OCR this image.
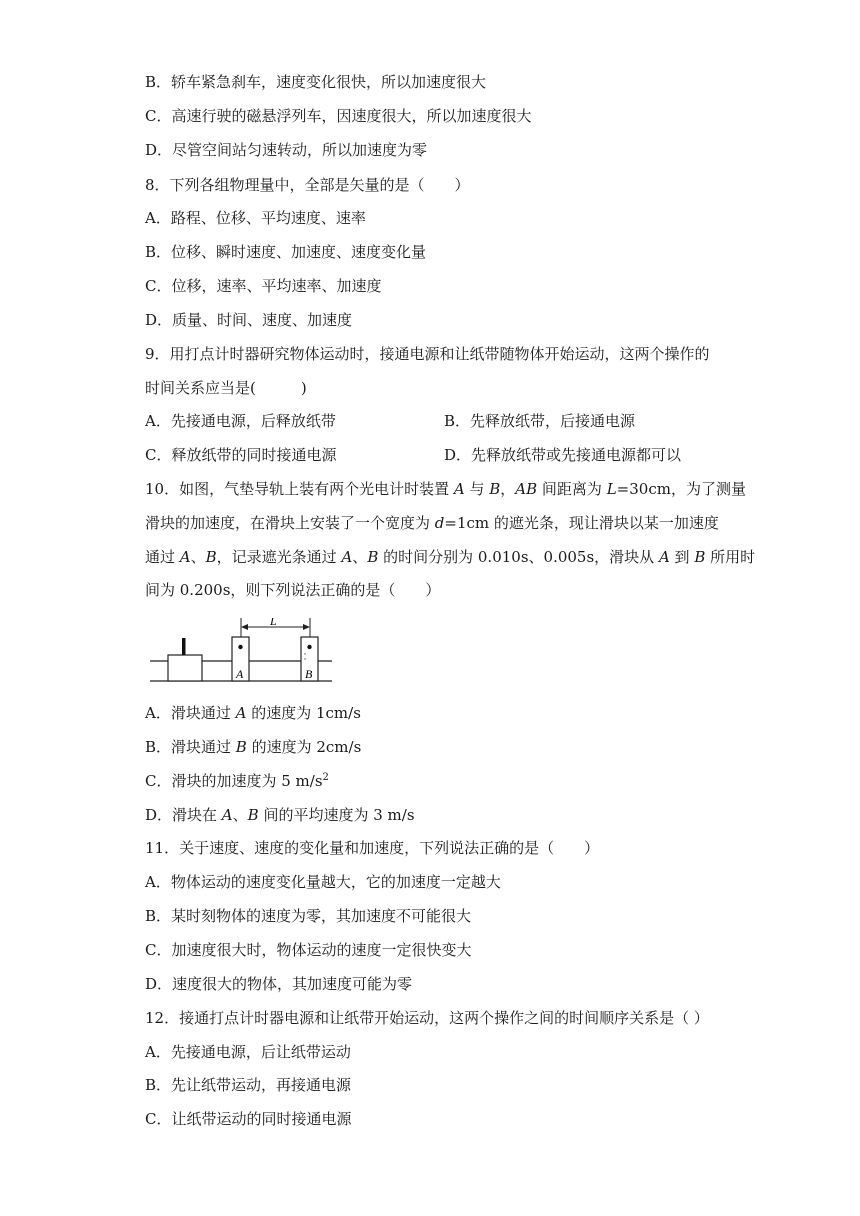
B．轿车紧急刹车，速度变化很快，所以加速度很大
C．高速行驶的磁悬浮列车，因速度很大，所以加速度很大
D．尽管空间站匀速转动，所以加速度为零
8．下列各组物理量中，全部是矢量的是（　　）
A．路程、位移、平均速度、速率
B．位移、瞬时速度、加速度、速度变化量
C．位移，速率、平均速率、加速度
D．质量、时间、速度、加速度
9．用打点计时器研究物体运动时，接通电源和让纸带随物体开始运动，这两个操作的
时间关系应当是(　　　)
A．先接通电源，后释放纸带	B．先释放纸带，后接通电源
C．释放纸带的同时接通电源	D．先释放纸带或先接通电源都可以
10．如图，气垫导轨上装有两个光电计时装置 A 与 B，AB 间距离为 L=30cm，为了测量
滑块的加速度，在滑块上安装了一个宽度为 d=1cm 的遮光条，现让滑块以某一加速度
通过 A、B，记录遮光条通过 A、B 的时间分别为 0.010s、0.005s，滑块从 A 到 B 所用时
间为 0.200s，则下列说法正确的是（　　）
L
A	B
A．滑块通过 A 的速度为 1cm/s
B．滑块通过 B 的速度为 2cm/s
C．滑块的加速度为 5 $m/s^2$
D．滑块在 A、B 间的平均速度为 3 m/s
11．关于速度、速度的变化量和加速度，下列说法正确的是（　　）
A．物体运动的速度变化量越大，它的加速度一定越大
B．某时刻物体的速度为零，其加速度不可能很大
C．加速度很大时，物体运动的速度一定很快变大
D．速度很大的物体，其加速度可能为零
12．接通打点计时器电源和让纸带开始运动，这两个操作之间的时间顺序关系是（ ）
A．先接通电源，后让纸带运动
B．先让纸带运动，再接通电源
C．让纸带运动的同时接通电源
